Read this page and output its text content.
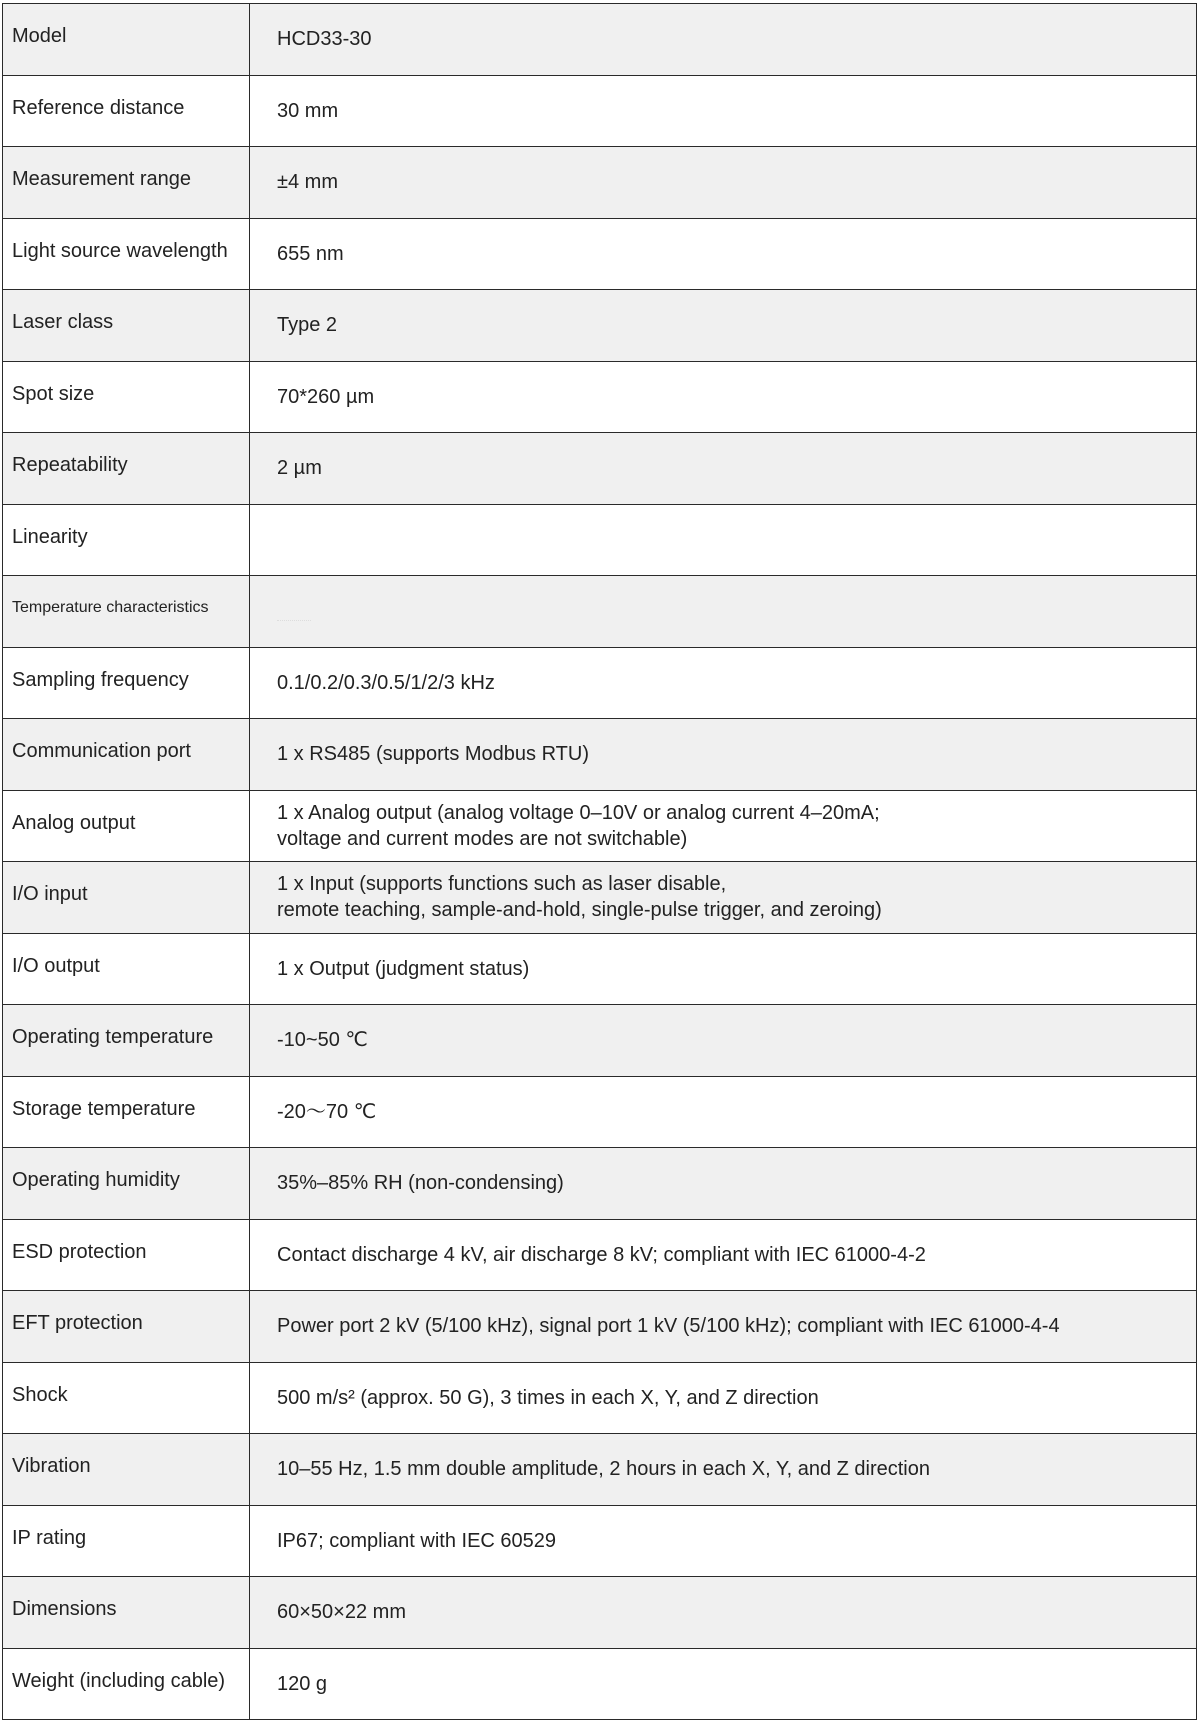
Model	HCD33-30
Reference distance	30 mm
Measurement range	±4 mm
Light source wavelength	655 nm
Laser class	Type 2
Spot size	70*260 µm
Repeatability	2 µm
Linearity	
Temperature characteristics	
Sampling frequency	0.1/0.2/0.3/0.5/1/2/3 kHz
Communication port	1 x RS485 (supports Modbus RTU)
Analog output	1 x Analog output (analog voltage 0–10V or analog current 4–20mA;
voltage and current modes are not switchable)
I/O input	1 x Input (supports functions such as laser disable,
remote teaching, sample-and-hold, single-pulse trigger, and zeroing)
I/O output	1 x Output (judgment status)
Operating temperature	-10~50 ℃
Storage temperature	-20～70 ℃
Operating humidity	35%–85% RH (non-condensing)
ESD protection	Contact discharge 4 kV, air discharge 8 kV; compliant with IEC 61000-4-2
EFT protection	Power port 2 kV (5/100 kHz), signal port 1 kV (5/100 kHz); compliant with IEC 61000-4-4
Shock	500 m/s² (approx. 50 G), 3 times in each X, Y, and Z direction
Vibration	10–55 Hz, 1.5 mm double amplitude, 2 hours in each X, Y, and Z direction
IP rating	IP67; compliant with IEC 60529
Dimensions	60×50×22 mm
Weight (including cable)	120 g
